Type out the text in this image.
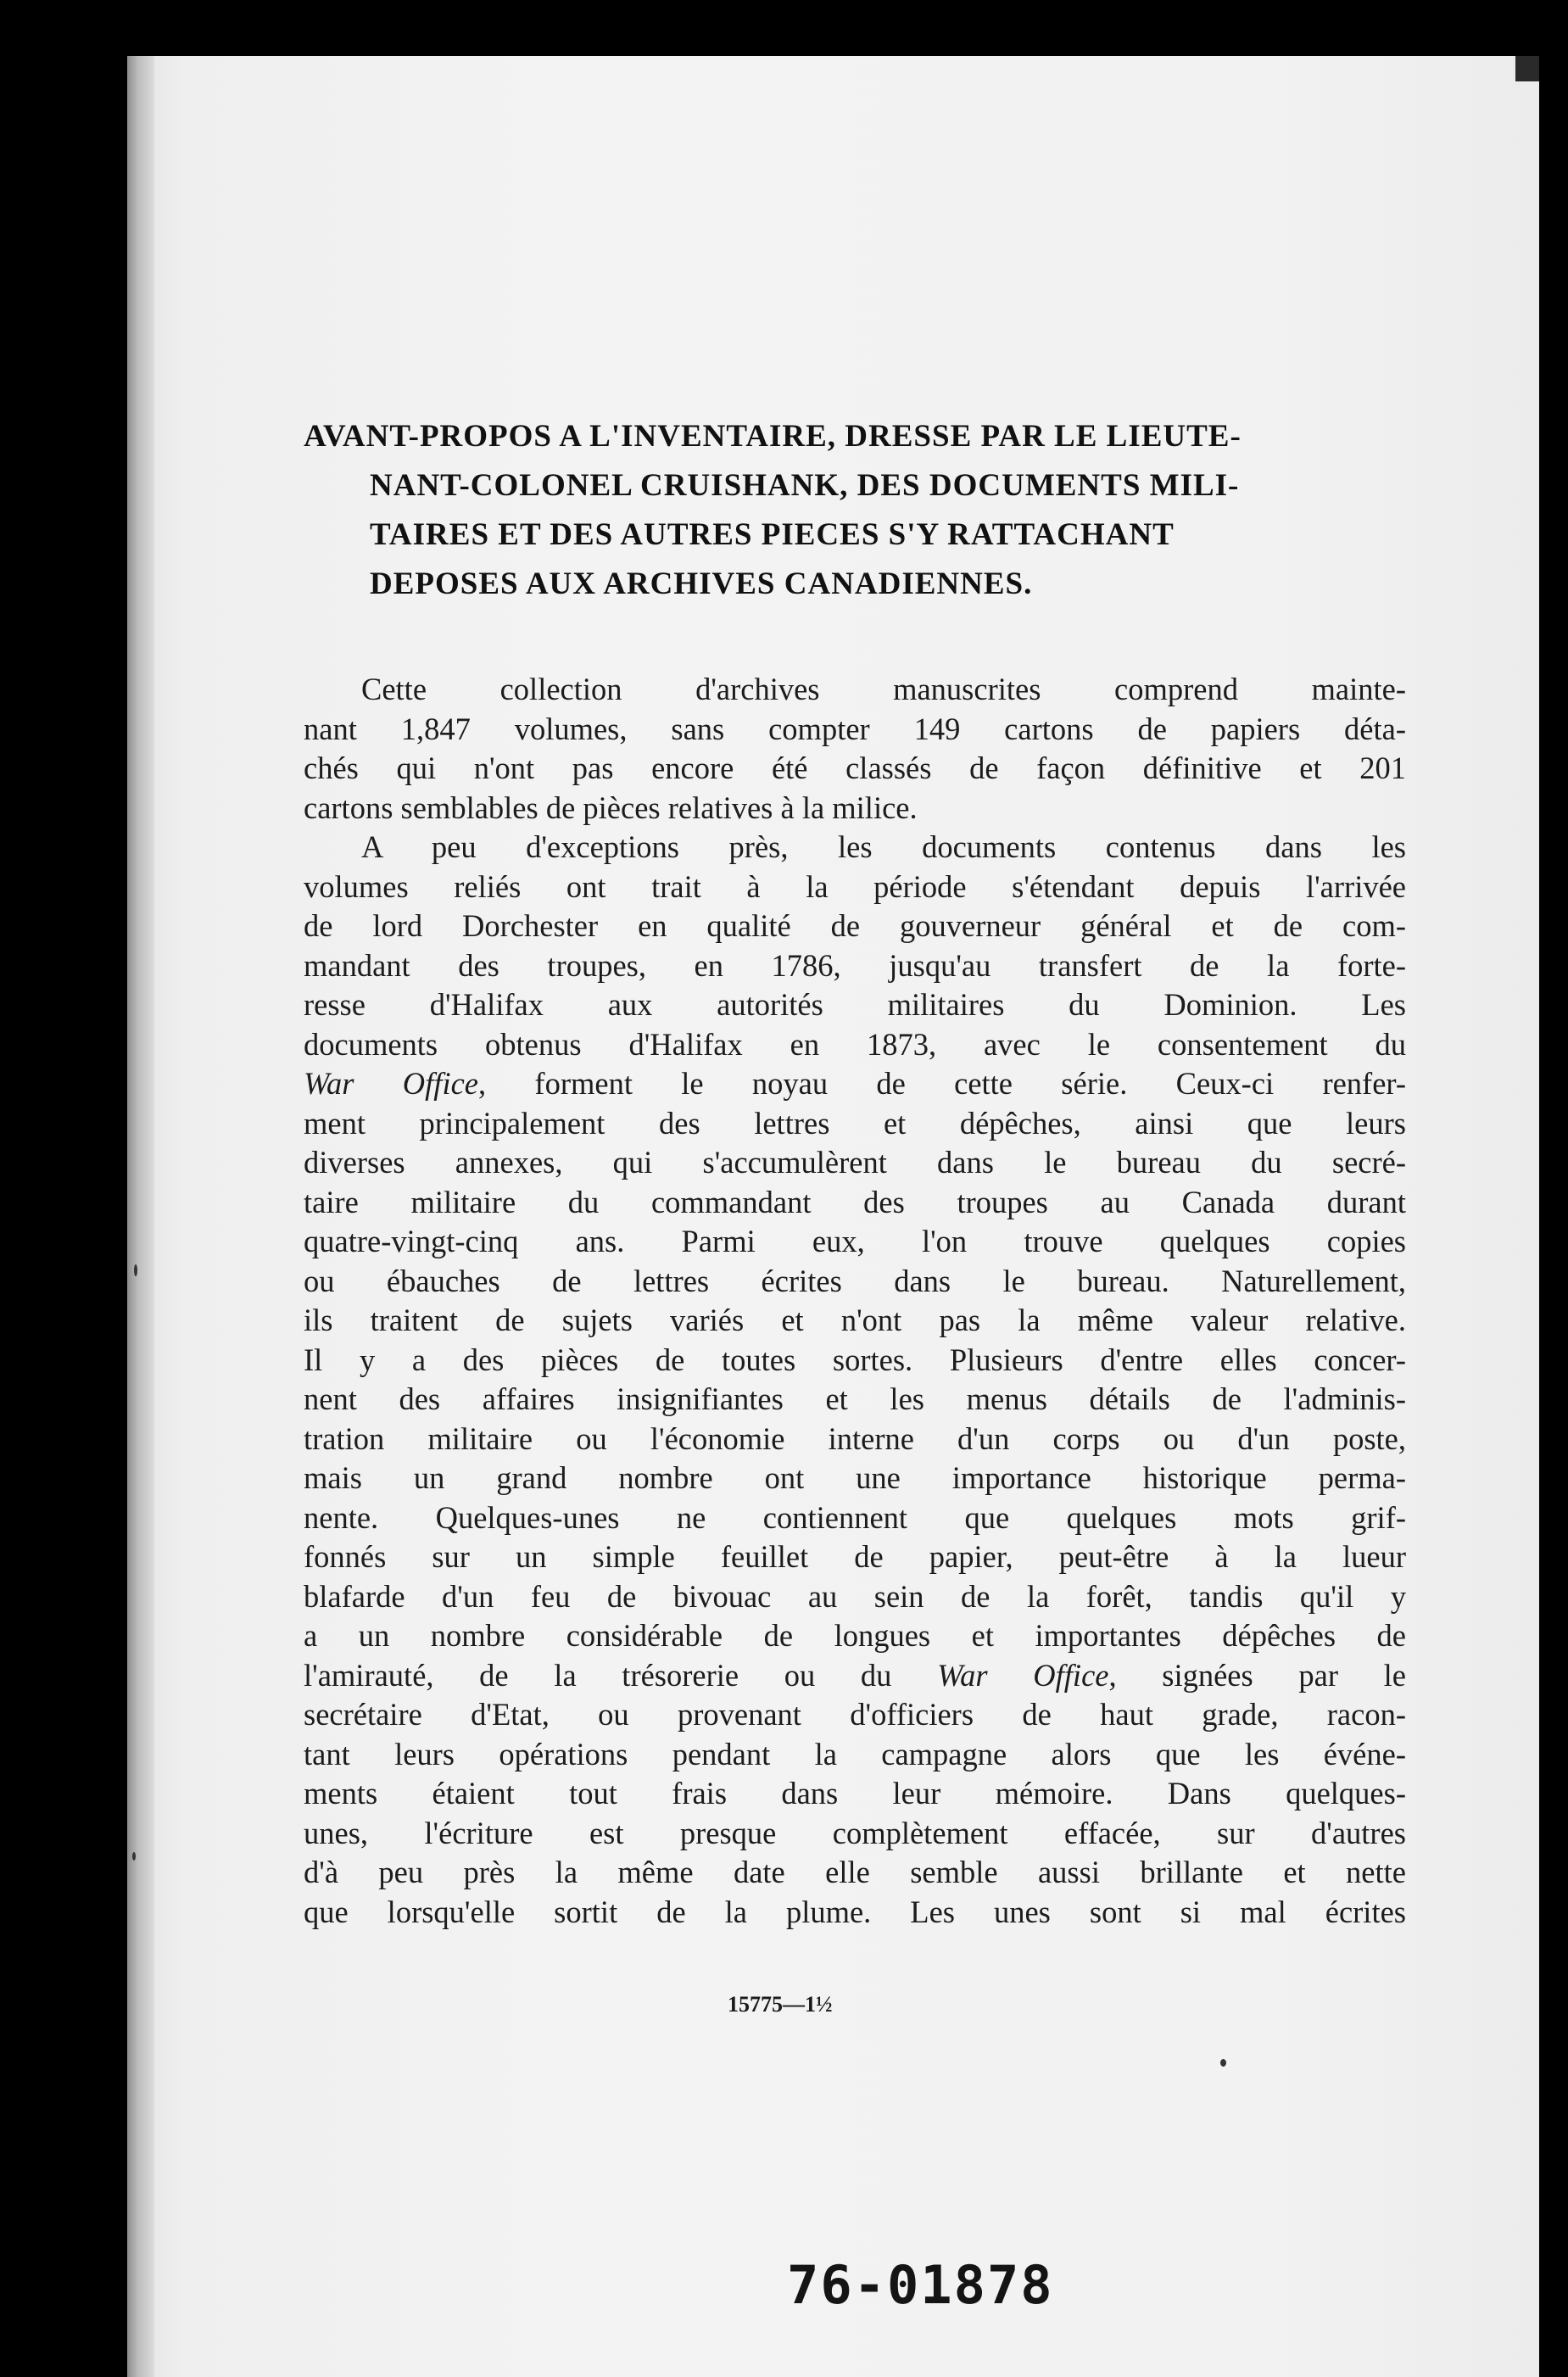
AVANT-PROPOS A L'INVENTAIRE, DRESSE PAR LE LIEUTE-
NANT-COLONEL CRUISHANK, DES DOCUMENTS MILI-
TAIRES ET DES AUTRES PIECES S'Y RATTACHANT
DEPOSES AUX ARCHIVES CANADIENNES.
Cette collection d'archives manuscrites comprend mainte-
nant 1,847 volumes, sans compter 149 cartons de papiers déta-
chés qui n'ont pas encore été classés de façon définitive et 201
cartons semblables de pièces relatives à la milice.
A peu d'exceptions près, les documents contenus dans les
volumes reliés ont trait à la période s'étendant depuis l'arrivée
de lord Dorchester en qualité de gouverneur général et de com-
mandant des troupes, en 1786, jusqu'au transfert de la forte-
resse d'Halifax aux autorités militaires du Dominion. Les
documents obtenus d'Halifax en 1873, avec le consentement du
War Office, forment le noyau de cette série. Ceux-ci renfer-
ment principalement des lettres et dépêches, ainsi que leurs
diverses annexes, qui s'accumulèrent dans le bureau du secré-
taire militaire du commandant des troupes au Canada durant
quatre-vingt-cinq ans. Parmi eux, l'on trouve quelques copies
ou ébauches de lettres écrites dans le bureau. Naturellement,
ils traitent de sujets variés et n'ont pas la même valeur relative.
Il y a des pièces de toutes sortes. Plusieurs d'entre elles concer-
nent des affaires insignifiantes et les menus détails de l'adminis-
tration militaire ou l'économie interne d'un corps ou d'un poste,
mais un grand nombre ont une importance historique perma-
nente. Quelques-unes ne contiennent que quelques mots grif-
fonnés sur un simple feuillet de papier, peut-être à la lueur
blafarde d'un feu de bivouac au sein de la forêt, tandis qu'il y
a un nombre considérable de longues et importantes dépêches de
l'amirauté, de la trésorerie ou du War Office, signées par le
secrétaire d'Etat, ou provenant d'officiers de haut grade, racon-
tant leurs opérations pendant la campagne alors que les événe-
ments étaient tout frais dans leur mémoire. Dans quelques-
unes, l'écriture est presque complètement effacée, sur d'autres
d'à peu près la même date elle semble aussi brillante et nette
que lorsqu'elle sortit de la plume. Les unes sont si mal écrites
15775—1½
76-01878
